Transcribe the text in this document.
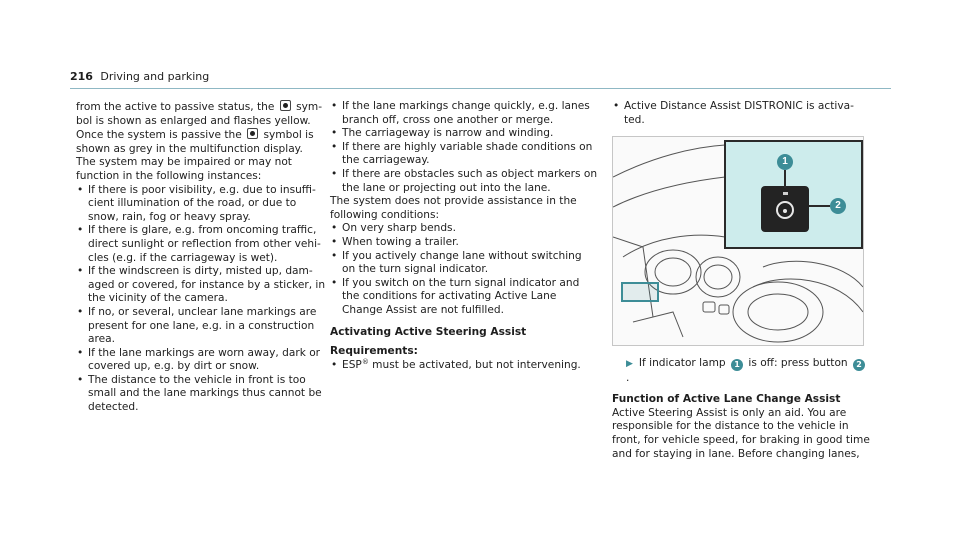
216 Driving and parking

from the active to passive status, the sym-bol is shown as enlarged and flashes yellow. Once the system is passive the symbol is shown as grey in the multifunction display.

The system may be impaired or may not function in the following instances:

• If there is poor visibility, e.g. due to insuffi-cient illumination of the road, or due to snow, rain, fog or heavy spray.
• If there is glare, e.g. from oncoming traffic, direct sunlight or reflection from other vehi-cles (e.g. if the carriageway is wet).
• If the windscreen is dirty, misted up, dam-aged or covered, for instance by a sticker, in the vicinity of the camera.
• If no, or several, unclear lane markings are present for one lane, e.g. in a construction area.
• If the lane markings are worn away, dark or covered up, e.g. by dirt or snow.
• The distance to the vehicle in front is too small and the lane markings thus cannot be detected.
• If the lane markings change quickly, e.g. lanes branch off, cross one another or merge.
• The carriageway is narrow and winding.
• If there are highly variable shade conditions on the carriageway.
• If there are obstacles such as object markers on the lane or projecting out into the lane.

The system does not provide assistance in the following conditions:

• On very sharp bends.
• When towing a trailer.
• If you actively change lane without switching on the turn signal indicator.
• If you switch on the turn signal indicator and the conditions for activating Active Lane Change Assist are not fulfilled.

Activating Active Steering Assist

Requirements:

• ESP® must be activated, but not intervening.
• Active Distance Assist DISTRONIC is activa-ted.
1
2

▶ If indicator lamp 1 is off: press button 2.

Function of Active Lane Change Assist

Active Steering Assist is only an aid. You are responsible for the distance to the vehicle in front, for vehicle speed, for braking in good time and for staying in lane. Before changing lanes,
